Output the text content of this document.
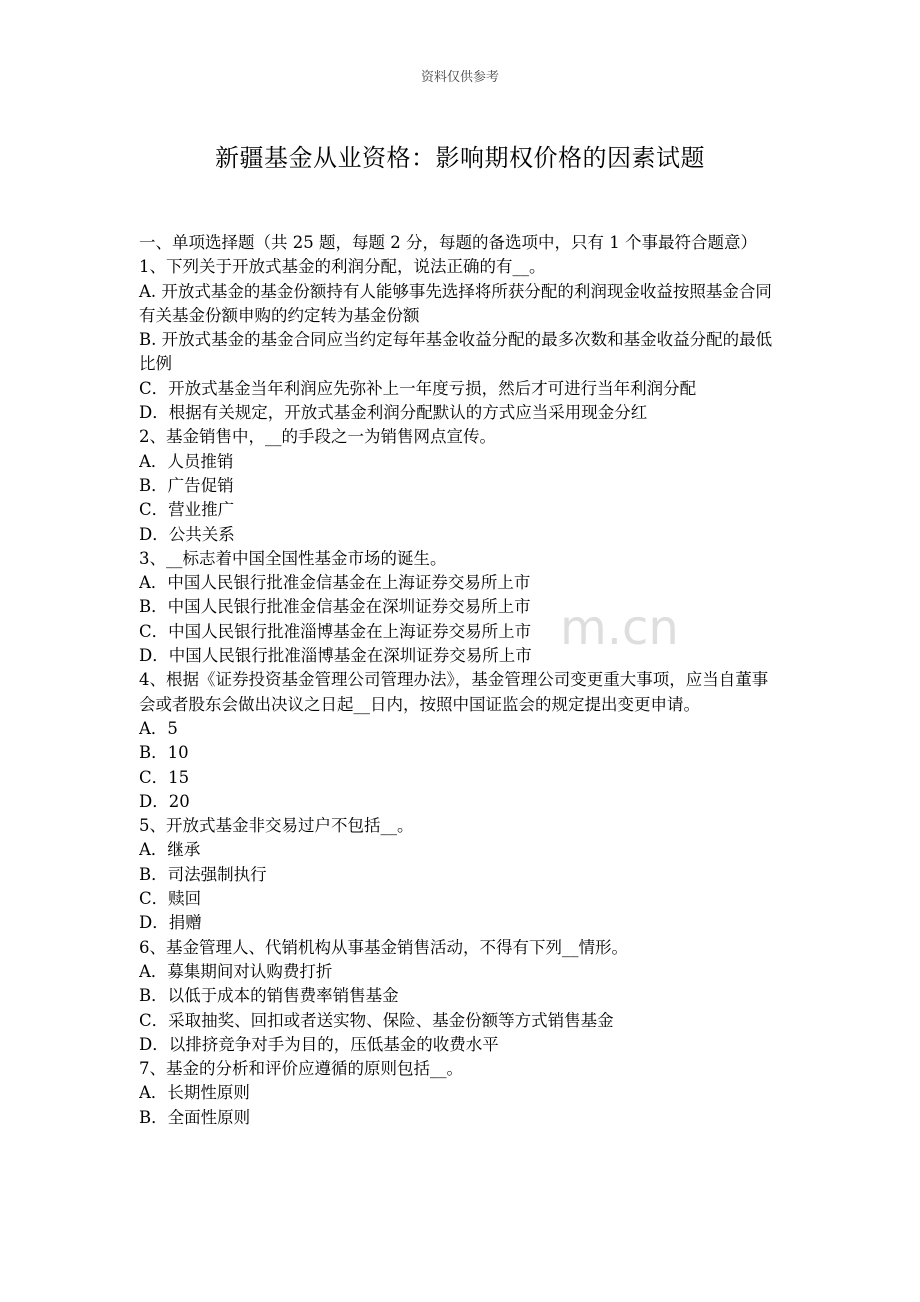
资料仅供参考
新疆基金从业资格：影响期权价格的因素试题
m.cn
一、单项选择题（共 25 题，每题 2 分，每题的备选项中，只有 1 个事最符合题意）
1、下列关于开放式基金的利润分配，说法正确的有__。
A. 开放式基金的基金份额持有人能够事先选择将所获分配的利润现金收益按照基金合同有关基金份额申购的约定转为基金份额
B. 开放式基金的基金合同应当约定每年基金收益分配的最多次数和基金收益分配的最低比例
C．开放式基金当年利润应先弥补上一年度亏损，然后才可进行当年利润分配
D．根据有关规定，开放式基金利润分配默认的方式应当采用现金分红
2、基金销售中，__的手段之一为销售网点宣传。
A．人员推销
B．广告促销
C．营业推广
D．公共关系
3、__标志着中国全国性基金市场的诞生。
A．中国人民银行批准金信基金在上海证券交易所上市
B．中国人民银行批准金信基金在深圳证券交易所上市
C．中国人民银行批准淄博基金在上海证券交易所上市
D．中国人民银行批准淄博基金在深圳证券交易所上市
4、根据《证券投资基金管理公司管理办法》，基金管理公司变更重大事项，应当自董事会或者股东会做出决议之日起__日内，按照中国证监会的规定提出变更申请。
A．5
B．10
C．15
D．20
5、开放式基金非交易过户不包括__。
A．继承
B．司法强制执行
C．赎回
D．捐赠
6、基金管理人、代销机构从事基金销售活动，不得有下列__情形。
A．募集期间对认购费打折
B．以低于成本的销售费率销售基金
C．采取抽奖、回扣或者送实物、保险、基金份额等方式销售基金
D．以排挤竞争对手为目的，压低基金的收费水平
7、基金的分析和评价应遵循的原则包括__。
A．长期性原则
B．全面性原则
